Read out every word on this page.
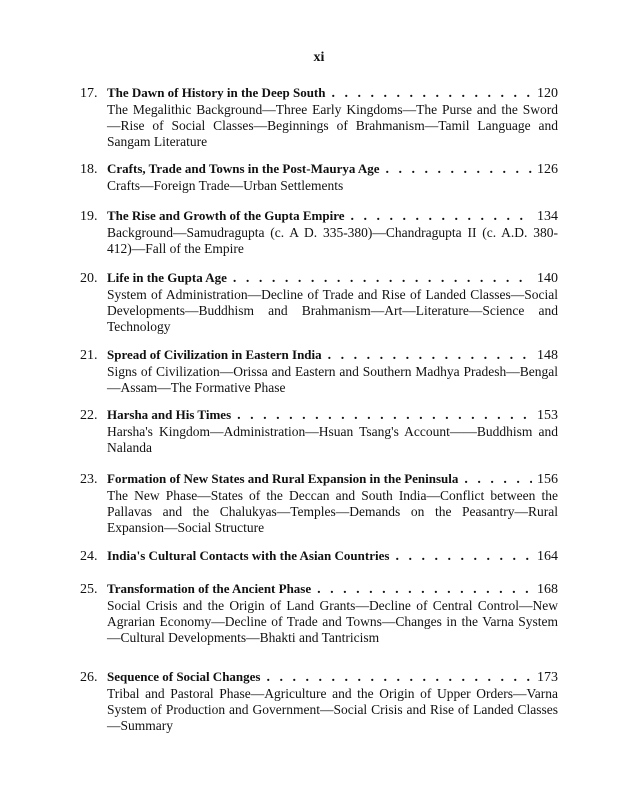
xi
17. The Dawn of History in the Deep South . . .	120
The Megalithic Background—Three Early Kingdoms—The Purse and the Sword—Rise of Social Classes—Beginnings of Brahmanism—Tamil Language and Sangam Literature
18. Crafts, Trade and Towns in the Post-Maurya Age . . .	126
Crafts—Foreign Trade—Urban Settlements
19. The Rise and Growth of the Gupta Empire . . .	134
Background—Samudragupta (c. A D. 335-380)—Chandragupta II (c. A.D. 380-412)—Fall of the Empire
20. Life in the Gupta Age . . .	140
System of Administration—Decline of Trade and Rise of Landed Classes—Social Developments—Buddhism and Brahmanism—Art—Literature—Science and Technology
21. Spread of Civilization in Eastern India . . .	148
Signs of Civilization—Orissa and Eastern and Southern Madhya Pradesh—Bengal—Assam—The Formative Phase
22. Harsha and His Times . . .	153
Harsha's Kingdom—Administration—Hsuan Tsang's Account——Buddhism and Nalanda
23. Formation of New States and Rural Expansion in the Peninsula . . .	156
The New Phase—States of the Deccan and South India—Conflict between the Pallavas and the Chalukyas—Temples—Demands on the Peasantry—Rural Expansion—Social Structure
24. India's Cultural Contacts with the Asian Countries . . .	164
25. Transformation of the Ancient Phase . . .	168
Social Crisis and the Origin of Land Grants—Decline of Central Control—New Agrarian Economy—Decline of Trade and Towns—Changes in the Varna System—Cultural Developments—Bhakti and Tantricism
26. Sequence of Social Changes . . .	173
Tribal and Pastoral Phase—Agriculture and the Origin of Upper Orders—Varna System of Production and Government—Social Crisis and Rise of Landed Classes—Summary
